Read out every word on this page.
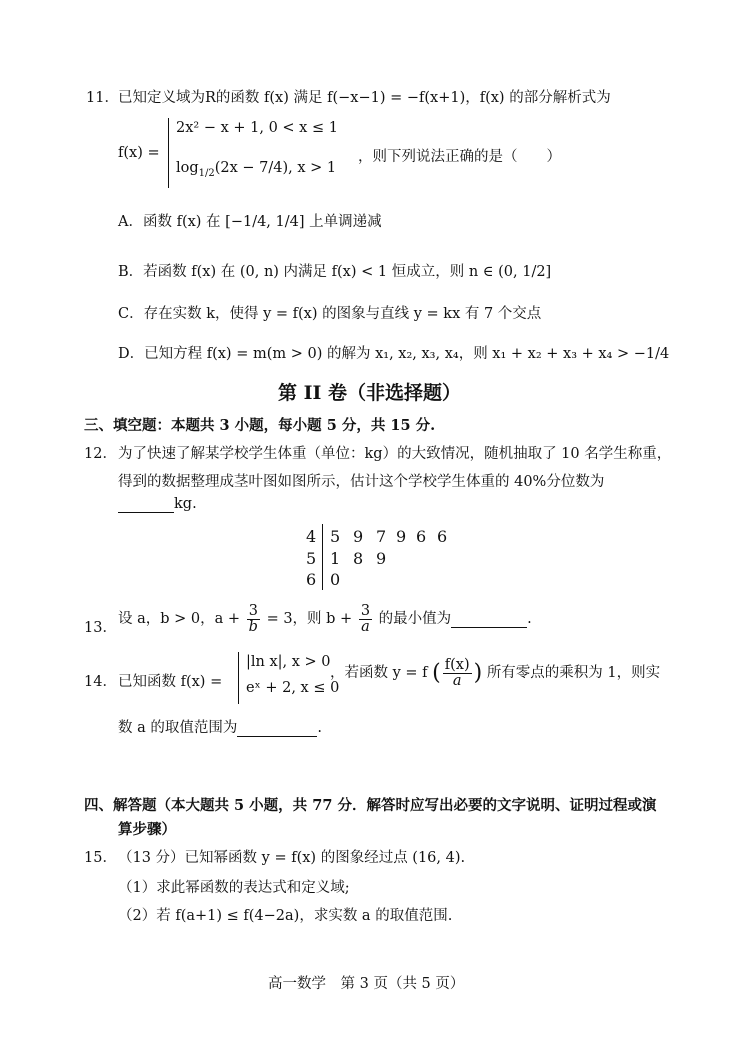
11． 已知定义域为R的函数 f(x) 满足 f(−x−1) = −f(x+1)，f(x) 的部分解析式为
f(x) =
2x² − x + 1, 0 < x ≤ 1
$\log_{1/2}(2x - 7/4)$, x > 1
，则下列说法正确的是（　　）
A．函数 f(x) 在 [−1/4, 1/4] 上单调递减
B．若函数 f(x) 在 (0, n) 内满足 f(x) < 1 恒成立，则 n ∈ (0, 1/2]
C．存在实数 k，使得 y = f(x) 的图象与直线 y = kx 有 7 个交点
D．已知方程 f(x) = m(m > 0) 的解为 x₁, x₂, x₃, x₄，则 x₁ + x₂ + x₃ + x₄ > −1/4
第 II 卷（非选择题）
三、填空题：本题共 3 小题，每小题 5 分，共 15 分.
12． 为了快速了解某学校学生体重（单位：kg）的大致情况，随机抽取了 10 名学生称重，
得到的数据整理成茎叶图如图所示，估计这个学校学生体重的 40%分位数为
kg.
4 5 9 7 9 6 6
5 1 8 9
6 0
13．
设 a，b > 0，$a + \frac{3}{b} = 3$，则 $b + \frac{3}{a}$ 的最小值为	.
14． 已知函数 f(x) =
|ln x|, x > 0
eˣ + 2, x ≤ 0
，若函数 y = f ( $\frac{f(x)}{a}$ ) 所有零点的乘积为 1，则实
数 a 的取值范围为	.
四、解答题（本大题共 5 小题，共 77 分．解答时应写出必要的文字说明、证明过程或演
算步骤）
15． （13 分）已知幂函数 y = f(x) 的图象经过点 (16, 4).
（1）求此幂函数的表达式和定义域;
（2）若 f(a+1) ≤ f(4−2a)，求实数 a 的取值范围.
高一数学　第 3 页（共 5 页）
